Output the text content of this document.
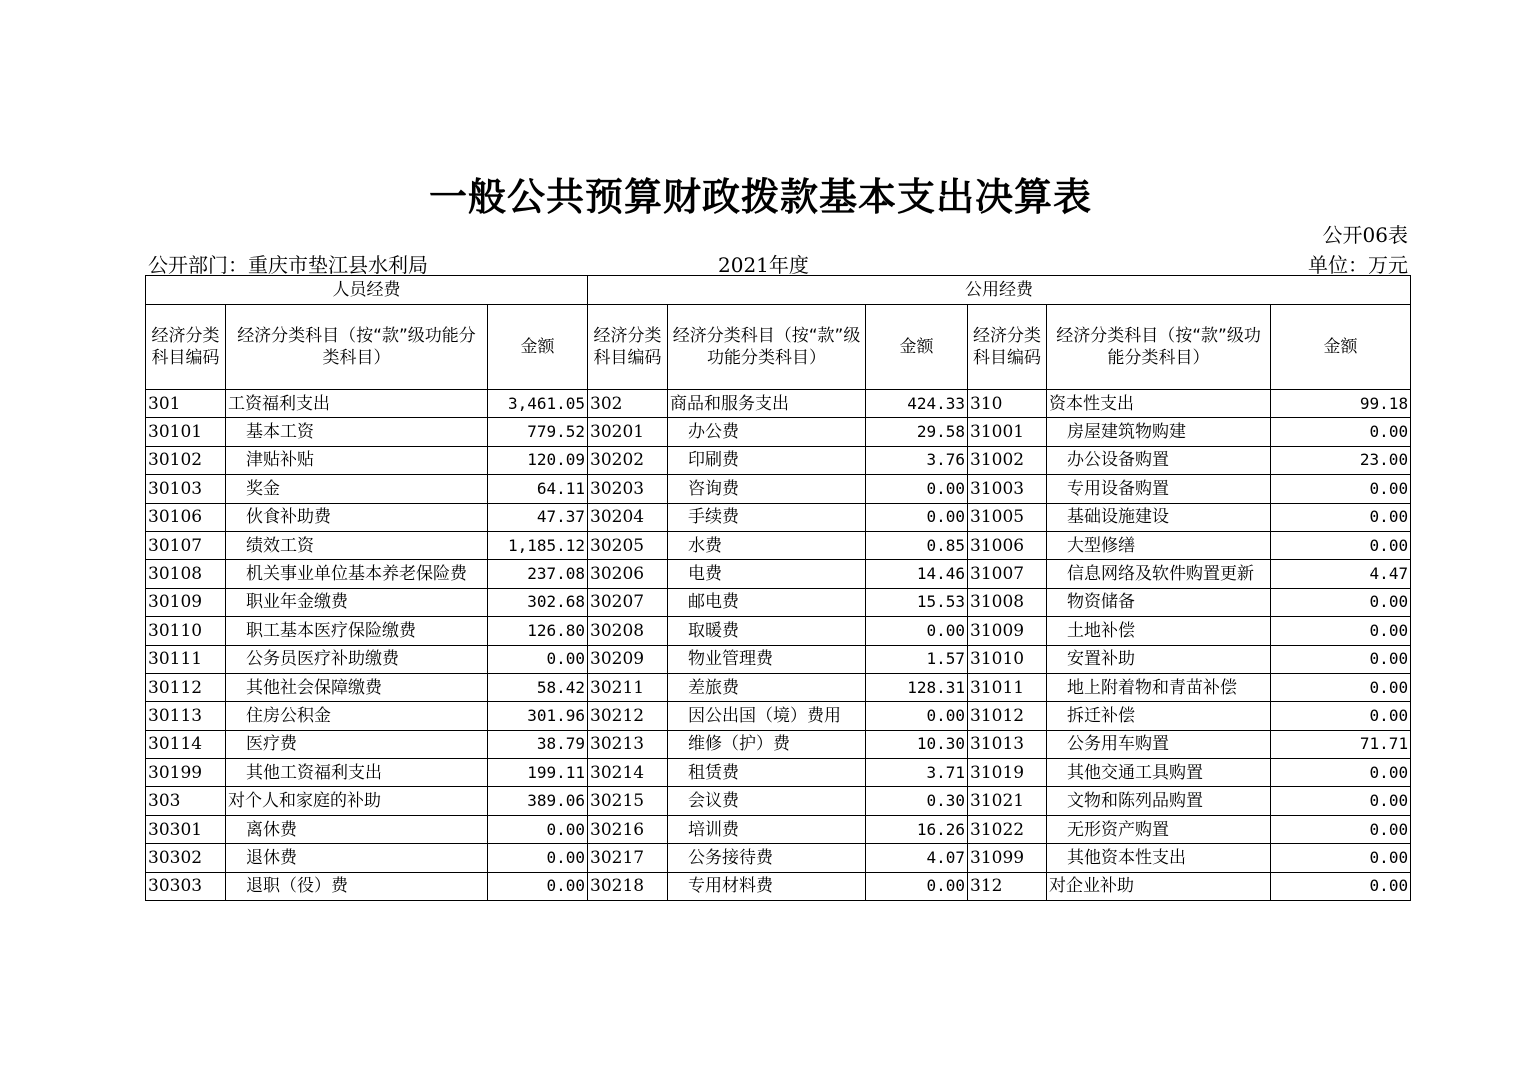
一般公共预算财政拨款基本支出决算表
公开06表
公开部门：重庆市垫江县水利局	2021年度	单位：万元
人员经费			公用经费					
经济分类科目编码	经济分类科目（按“款”级功能分类科目）	金额	经济分类科目编码	经济分类科目（按“款”级功能分类科目）	金额	经济分类科目编码	经济分类科目（按“款”级功能分类科目）	金额
301	工资福利支出	3,461.05	302	商品和服务支出	424.33	310	资本性支出	99.18
30101	基本工资	779.52	30201	办公费	29.58	31001	房屋建筑物购建	0.00
30102	津贴补贴	120.09	30202	印刷费	3.76	31002	办公设备购置	23.00
30103	奖金	64.11	30203	咨询费	0.00	31003	专用设备购置	0.00
30106	伙食补助费	47.37	30204	手续费	0.00	31005	基础设施建设	0.00
30107	绩效工资	1,185.12	30205	水费	0.85	31006	大型修缮	0.00
30108	机关事业单位基本养老保险费	237.08	30206	电费	14.46	31007	信息网络及软件购置更新	4.47
30109	职业年金缴费	302.68	30207	邮电费	15.53	31008	物资储备	0.00
30110	职工基本医疗保险缴费	126.80	30208	取暖费	0.00	31009	土地补偿	0.00
30111	公务员医疗补助缴费	0.00	30209	物业管理费	1.57	31010	安置补助	0.00
30112	其他社会保障缴费	58.42	30211	差旅费	128.31	31011	地上附着物和青苗补偿	0.00
30113	住房公积金	301.96	30212	因公出国（境）费用	0.00	31012	拆迁补偿	0.00
30114	医疗费	38.79	30213	维修（护）费	10.30	31013	公务用车购置	71.71
30199	其他工资福利支出	199.11	30214	租赁费	3.71	31019	其他交通工具购置	0.00
303	对个人和家庭的补助	389.06	30215	会议费	0.30	31021	文物和陈列品购置	0.00
30301	离休费	0.00	30216	培训费	16.26	31022	无形资产购置	0.00
30302	退休费	0.00	30217	公务接待费	4.07	31099	其他资本性支出	0.00
30303	退职（役）费	0.00	30218	专用材料费	0.00	312	对企业补助	0.00
